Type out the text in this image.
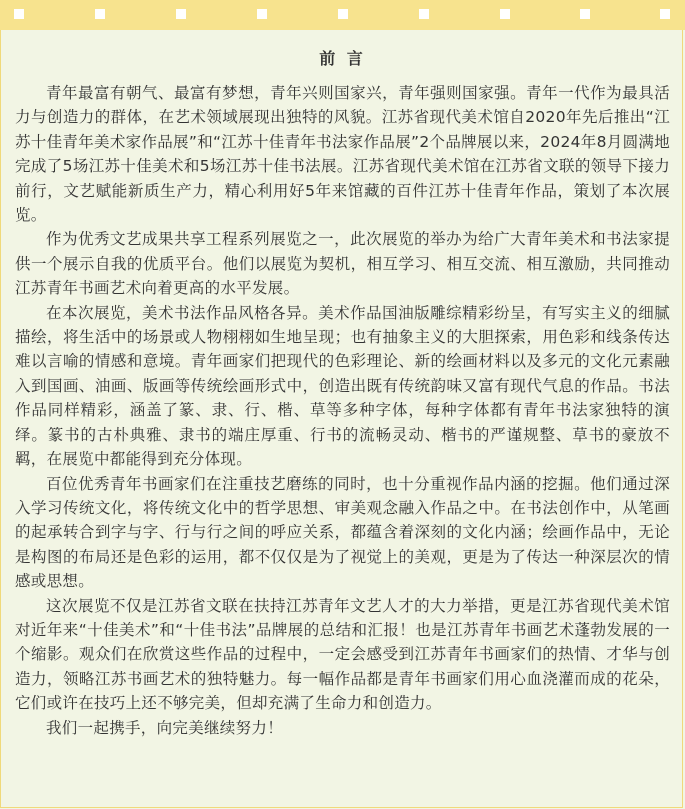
前 言

青年最富有朝气、最富有梦想，青年兴则国家兴，青年强则国家强。青年一代作为最具活力与创造力的群体，在艺术领域展现出独特的风貌。江苏省现代美术馆自2020年先后推出“江苏十佳青年美术家作品展”和“江苏十佳青年书法家作品展”2个品牌展以来，2024年8月圆满地完成了5场江苏十佳美术和5场江苏十佳书法展。江苏省现代美术馆在江苏省文联的领导下接力前行，文艺赋能新质生产力，精心利用好5年来馆藏的百件江苏十佳青年作品，策划了本次展览。

作为优秀文艺成果共享工程系列展览之一，此次展览的举办为给广大青年美术和书法家提供一个展示自我的优质平台。他们以展览为契机，相互学习、相互交流、相互激励，共同推动江苏青年书画艺术向着更高的水平发展。

在本次展览，美术书法作品风格各异。美术作品国油版雕综精彩纷呈，有写实主义的细腻描绘，将生活中的场景或人物栩栩如生地呈现；也有抽象主义的大胆探索，用色彩和线条传达难以言喻的情感和意境。青年画家们把现代的色彩理论、新的绘画材料以及多元的文化元素融入到国画、油画、版画等传统绘画形式中，创造出既有传统韵味又富有现代气息的作品。书法作品同样精彩，涵盖了篆、隶、行、楷、草等多种字体，每种字体都有青年书法家独特的演绎。篆书的古朴典雅、隶书的端庄厚重、行书的流畅灵动、楷书的严谨规整、草书的豪放不羁，在展览中都能得到充分体现。

百位优秀青年书画家们在注重技艺磨练的同时，也十分重视作品内涵的挖掘。他们通过深入学习传统文化，将传统文化中的哲学思想、审美观念融入作品之中。在书法创作中，从笔画的起承转合到字与字、行与行之间的呼应关系，都蕴含着深刻的文化内涵；绘画作品中，无论是构图的布局还是色彩的运用，都不仅仅是为了视觉上的美观，更是为了传达一种深层次的情感或思想。

这次展览不仅是江苏省文联在扶持江苏青年文艺人才的大力举措，更是江苏省现代美术馆对近年来“十佳美术”和“十佳书法”品牌展的总结和汇报！也是江苏青年书画艺术蓬勃发展的一个缩影。观众们在欣赏这些作品的过程中，一定会感受到江苏青年书画家们的热情、才华与创造力，领略江苏书画艺术的独特魅力。每一幅作品都是青年书画家们用心血浇灌而成的花朵，它们或许在技巧上还不够完美，但却充满了生命力和创造力。

我们一起携手，向完美继续努力！
